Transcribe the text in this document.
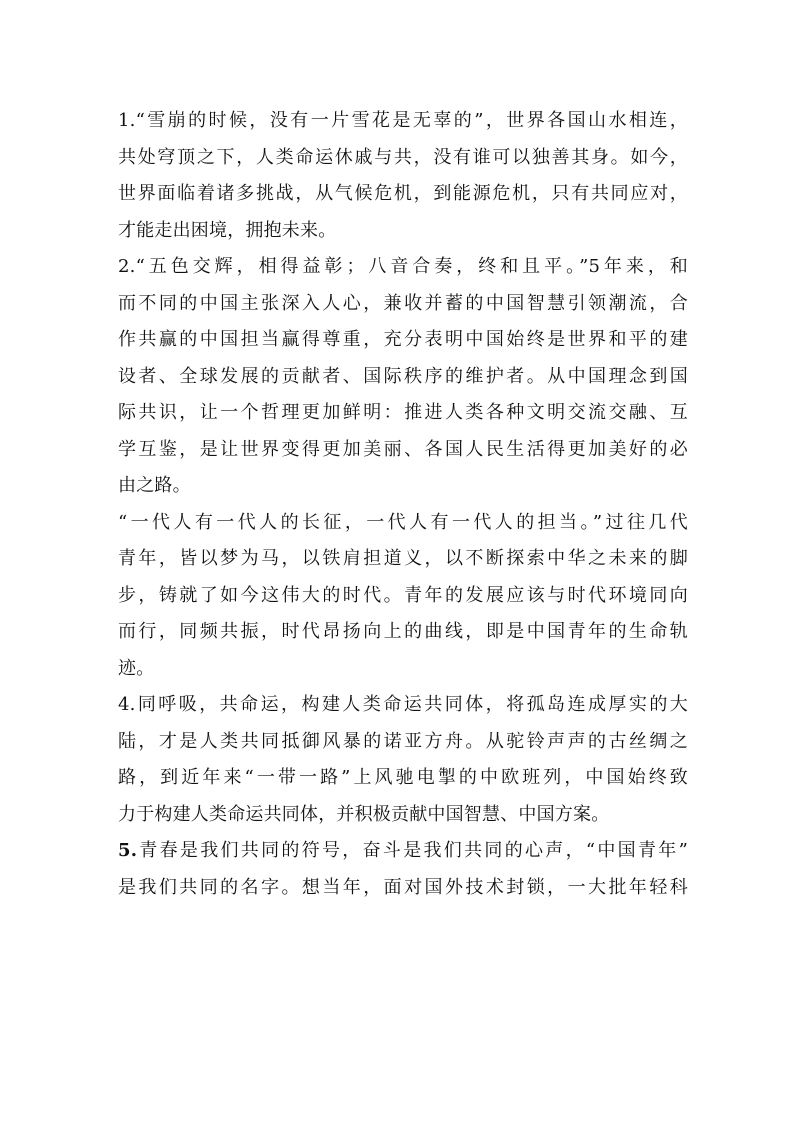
1.“雪崩的时候，没有一片雪花是无辜的”，世界各国山水相连，
共处穹顶之下，人类命运休戚与共，没有谁可以独善其身。如今，
世界面临着诸多挑战，从气候危机，到能源危机，只有共同应对，
才能走出困境，拥抱未来。
2.“五色交辉，相得益彰；八音合奏，终和且平。”5年来，和
而不同的中国主张深入人心，兼收并蓄的中国智慧引领潮流，合
作共赢的中国担当赢得尊重，充分表明中国始终是世界和平的建
设者、全球发展的贡献者、国际秩序的维护者。从中国理念到国
际共识，让一个哲理更加鲜明：推进人类各种文明交流交融、互
学互鉴，是让世界变得更加美丽、各国人民生活得更加美好的必
由之路。
“一代人有一代人的长征，一代人有一代人的担当。”过往几代
青年，皆以梦为马，以铁肩担道义，以不断探索中华之未来的脚
步，铸就了如今这伟大的时代。青年的发展应该与时代环境同向
而行，同频共振，时代昂扬向上的曲线，即是中国青年的生命轨
迹。
4.同呼吸，共命运，构建人类命运共同体，将孤岛连成厚实的大
陆，才是人类共同抵御风暴的诺亚方舟。从驼铃声声的古丝绸之
路，到近年来“一带一路”上风驰电掣的中欧班列，中国始终致
力于构建人类命运共同体，并积极贡献中国智慧、中国方案。
5.青春是我们共同的符号，奋斗是我们共同的心声，“中国青年”
是我们共同的名字。想当年，面对国外技术封锁，一大批年轻科
